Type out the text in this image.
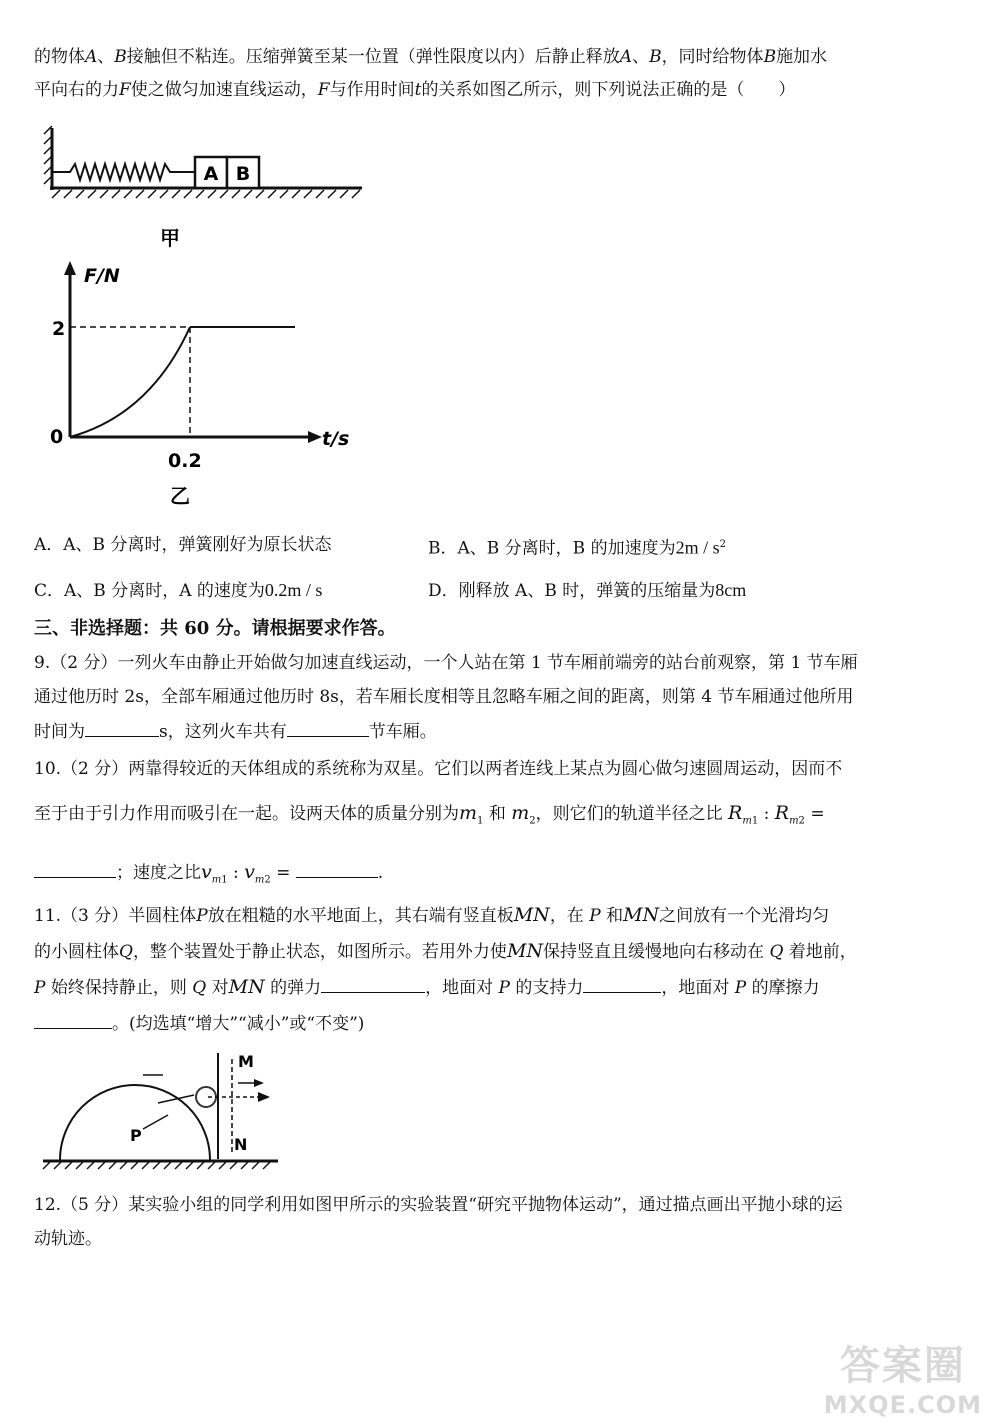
的物体A、B接触但不粘连。压缩弹簧至某一位置（弹性限度以内）后静止释放A、B，同时给物体B施加水
平向右的力F使之做匀加速直线运动，F与作用时间t的关系如图乙所示，则下列说法正确的是（　　）
A B
甲
F/N
t/s
2
0
0.2
乙
A．A、B 分离时，弹簧刚好为原长状态	B．A、B 分离时，B 的加速度为$2m / s^2$
C．A、B 分离时，A 的速度为0.2m / s	D．刚释放 A、B 时，弹簧的压缩量为8cm
三、非选择题：共 60 分。请根据要求作答。
9.（2 分）一列火车由静止开始做匀加速直线运动，一个人站在第 1 节车厢前端旁的站台前观察，第 1 节车厢
通过他历时 2s，全部车厢通过他历时 8s，若车厢长度相等且忽略车厢之间的距离，则第 4 节车厢通过他所用
时间为	s，这列火车共有	节车厢。
10.（2 分）两靠得较近的天体组成的系统称为双星。它们以两者连线上某点为圆心做匀速圆周运动，因而不
至于由于引力作用而吸引在一起。设两天体的质量分别为$m_1$ 和 $m_2$，则它们的轨道半径之比 $R_{m1}$ : $R_{m2}$ =
；速度之比$v_{m1}$ : $v_{m2}$ =	.
11.（3 分）半圆柱体P放在粗糙的水平地面上，其右端有竖直板MN，在 P 和MN之间放有一个光滑均匀
的小圆柱体Q，整个装置处于静止状态，如图所示。若用外力使MN保持竖直且缓慢地向右移动在 Q 着地前，
P 始终保持静止，则 Q 对MN 的弹力	，地面对 P 的支持力	，地面对 P 的摩擦力
。(均选填“增大”“减小”或“不变”)
M
N
P
12.（5 分）某实验小组的同学利用如图甲所示的实验装置“研究平抛物体运动”，通过描点画出平抛小球的运
动轨迹。
答案圈
MXQE.COM
